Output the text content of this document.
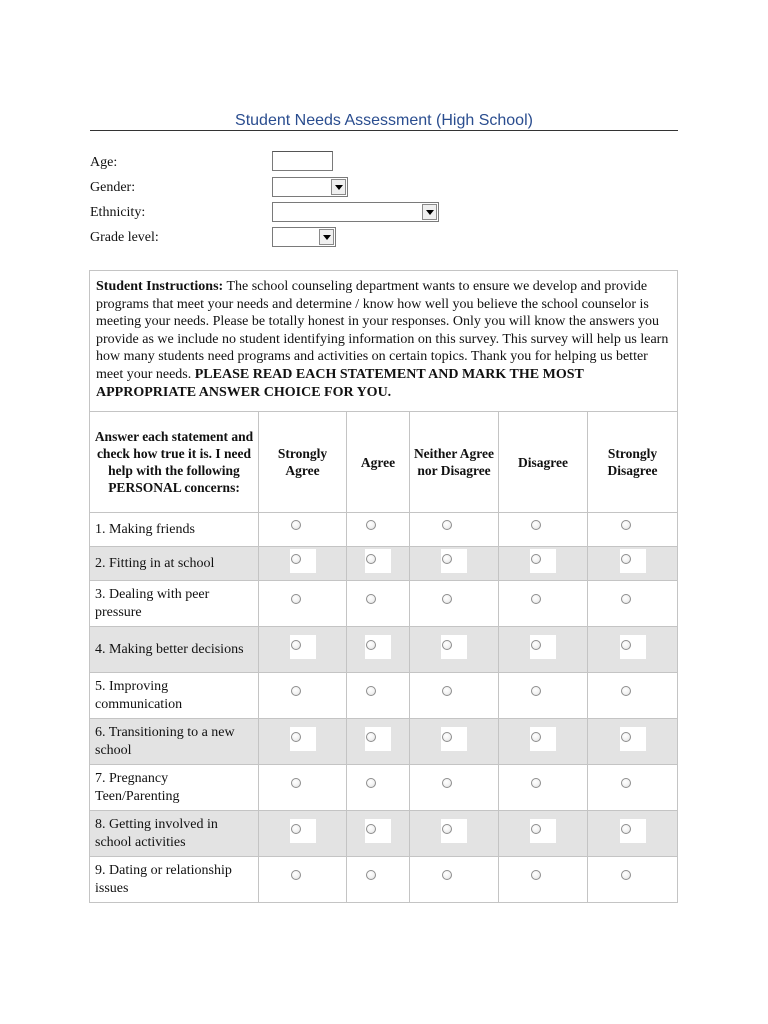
Student Needs Assessment (High School)
Age:
Gender:
Ethnicity:
Grade level:
Student Instructions: The school counseling department wants to ensure we develop and provide programs that meet your needs and determine / know how well you believe the school counselor is meeting your needs. Please be totally honest in your responses. Only you will know the answers you provide as we include no student identifying information on this survey. This survey will help us learn how many students need programs and activities on certain topics. Thank you for helping us better meet your needs. PLEASE READ EACH STATEMENT AND MARK THE MOST APPROPRIATE ANSWER CHOICE FOR YOU.					
Answer each statement and check how true it is. I need help with the following PERSONAL concerns:	Strongly Agree	Agree	Neither Agree nor Disagree	Disagree	Strongly Disagree
1. Making friends	

2. Fitting in at school	

3. Dealing with peer pressure	

4. Making better decisions	

5. Improving communication	

6. Transitioning to a new school	

7. Pregnancy Teen/Parenting	

8. Getting involved in school activities	

9. Dating or relationship issues	
